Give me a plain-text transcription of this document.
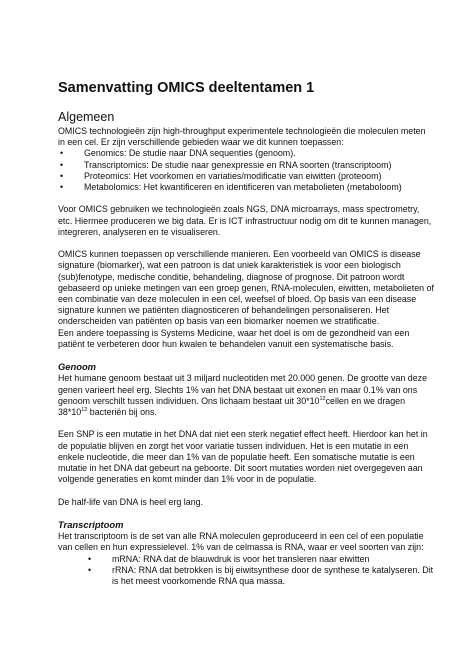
Samenvatting OMICS deeltentamen 1
Algemeen

OMICS technologieën zijn high-throughput experimentele technologieën die moleculen meten in een cel. Er zijn verschillende gebieden waar we dit kunnen toepassen:

• Genomics: De studie naar DNA sequenties (genoom).
• Transcriptomics: De studie naar genexpressie en RNA soorten (transcriptoom)
• Proteomics: Het voorkomen en variaties/modificatie van eiwitten (proteoom)
• Metabolomics: Het kwantificeren en identificeren van metabolieten (metaboloom)

Voor OMICS gebruiken we technologieën zoals NGS, DNA microarrays, mass spectrometry, etc. Hiermee produceren we big data. Er is ICT infrastructuur nodig om dit te kunnen managen, integreren, analyseren en te visualiseren.

OMICS kunnen toepassen op verschillende manieren. Een voorbeeld van OMICS is disease signature (biomarker), wat een patroon is dat uniek karakteristiek is voor een biologisch (sub)fenotype, medische conditie, behandeling, diagnose of prognose. Dit patroon wordt gebaseerd op unieke metingen van een groep genen, RNA-moleculen, eiwitten, metabolieten of een combinatie van deze moleculen in een cel, weefsel of bloed. Op basis van een disease signature kunnen we patiënten diagnosticeren of behandelingen personaliseren. Het onderscheiden van patiënten op basis van een biomarker noemen we stratificatie.

Een andere toepassing is Systems Medicine, waar het doel is om de gezondheid van een patiënt te verbeteren door hun kwalen te behandelen vanuit een systematische basis.

Genoom

Het humane genoom bestaat uit 3 miljard nucleotiden met 20.000 genen. De grootte van deze genen varieert heel erg. Slechts 1% van het DNA bestaat uit exonen en maar 0.1% van ons genoom verschilt tussen individuen. Ons lichaam bestaat uit $30*10^{12}cellen$ en we dragen $38*10^{12}$ bacteriën bij ons.

Een SNP is een mutatie in het DNA dat niet een sterk negatief effect heeft. Hierdoor kan het in de populatie blijven en zorgt het voor variatie tussen individuen. Het is een mutatie in een enkele nucleotide, die meer dan 1% van de populatie heeft. Een somatische mutatie is een mutatie in het DNA dat gebeurt na geboorte. Dit soort mutaties worden niet overgegeven aan volgende generaties en komt minder dan 1% voor in de populatie.

De half-life van DNA is heel erg lang.

Transcriptoom

Het transcriptoom is de set van alle RNA moleculen geproduceerd in een cel of een populatie van cellen en hun expressielevel. 1% van de celmassa is RNA, waar er veel soorten van zijn:

• mRNA: RNA dat de blauwdruk is voor het transleren naar eiwitten
• rRNA: RNA dat betrokken is bij eiwitsynthese door de synthese te katalyseren. Dit is het meest voorkomende RNA qua massa.
